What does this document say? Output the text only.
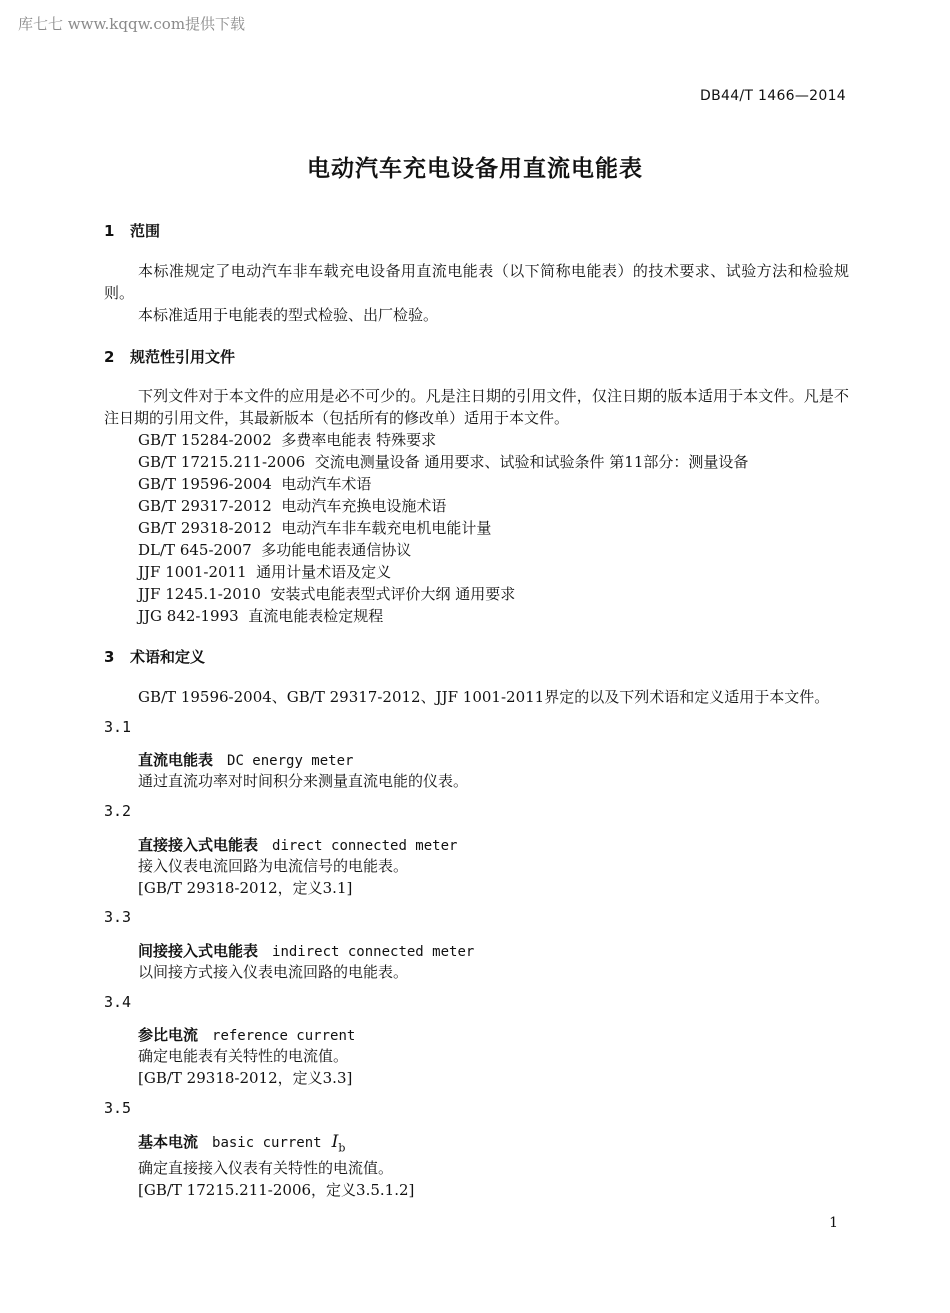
库七七 www.kqqw.com提供下载
DB44/T 1466—2014
电动汽车充电设备用直流电能表
1 范围
本标准规定了电动汽车非车载充电设备用直流电能表（以下简称电能表）的技术要求、试验方法和检验规则。
本标准适用于电能表的型式检验、出厂检验。
2 规范性引用文件
下列文件对于本文件的应用是必不可少的。凡是注日期的引用文件，仅注日期的版本适用于本文件。凡是不注日期的引用文件，其最新版本（包括所有的修改单）适用于本文件。
GB/T 15284-2002 多费率电能表 特殊要求
GB/T 17215.211-2006 交流电测量设备 通用要求、试验和试验条件 第11部分：测量设备
GB/T 19596-2004 电动汽车术语
GB/T 29317-2012 电动汽车充换电设施术语
GB/T 29318-2012 电动汽车非车载充电机电能计量
DL/T 645-2007 多功能电能表通信协议
JJF 1001-2011 通用计量术语及定义
JJF 1245.1-2010 安装式电能表型式评价大纲 通用要求
JJG 842-1993 直流电能表检定规程
3 术语和定义
GB/T 19596-2004、GB/T 29317-2012、JJF 1001-2011界定的以及下列术语和定义适用于本文件。
3.1
直流电能表 DC energy meter
通过直流功率对时间积分来测量直流电能的仪表。
3.2
直接接入式电能表 direct connected meter
接入仪表电流回路为电流信号的电能表。
[GB/T 29318-2012，定义3.1]
3.3
间接接入式电能表 indirect connected meter
以间接方式接入仪表电流回路的电能表。
3.4
参比电流 reference current
确定电能表有关特性的电流值。
[GB/T 29318-2012，定义3.3]
3.5
基本电流 basic current $I_b$
确定直接接入仪表有关特性的电流值。
[GB/T 17215.211-2006，定义3.5.1.2]
1
